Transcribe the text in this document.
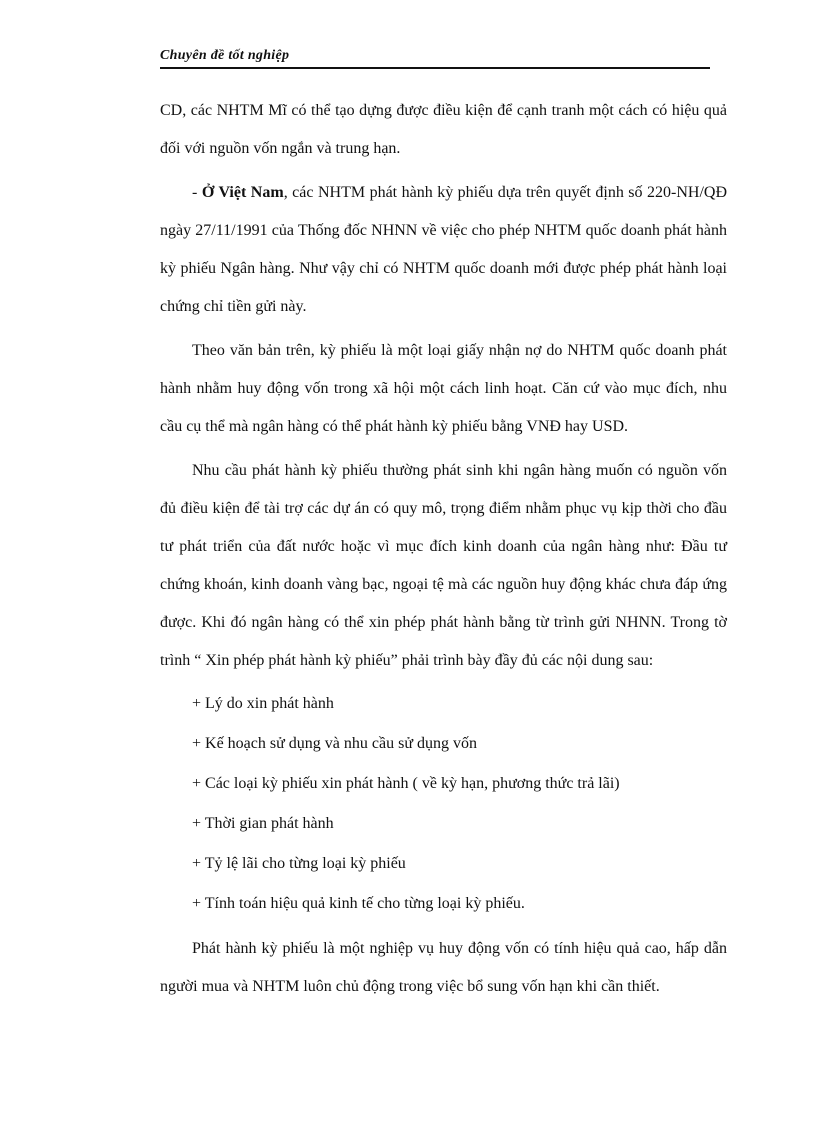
Chuyên đề tốt nghiệp

CD, các NHTM Mĩ có thể tạo dựng được điều kiện để cạnh tranh một cách có hiệu quả đối với nguồn vốn ngắn và trung hạn.

- Ở Việt Nam, các NHTM phát hành kỳ phiếu dựa trên quyết định số 220-NH/QĐ ngày 27/11/1991 của Thống đốc NHNN về việc cho phép NHTM quốc doanh phát hành kỳ phiếu Ngân hàng. Như vậy chỉ có NHTM quốc doanh mới được phép phát hành loại chứng chỉ tiền gửi này.

Theo văn bản trên, kỳ phiếu là một loại giấy nhận nợ do NHTM quốc doanh phát hành nhằm huy động vốn trong xã hội một cách linh hoạt. Căn cứ vào mục đích, nhu cầu cụ thể mà ngân hàng có thể phát hành kỳ phiếu bằng VNĐ hay USD.

Nhu cầu phát hành kỳ phiếu thường phát sinh khi ngân hàng muốn có nguồn vốn đủ điều kiện để tài trợ các dự án có quy mô, trọng điểm nhằm phục vụ kịp thời cho đầu tư phát triển của đất nước hoặc vì mục đích kinh doanh của ngân hàng như: Đầu tư chứng khoán, kinh doanh vàng bạc, ngoại tệ mà các nguồn huy động khác chưa đáp ứng được. Khi đó ngân hàng có thể xin phép phát hành bằng từ trình gửi NHNN. Trong tờ trình “ Xin phép phát hành kỳ phiếu” phải trình bày đầy đủ các nội dung sau:

+ Lý do xin phát hành

+ Kế hoạch sử dụng và nhu cầu sử dụng vốn

+ Các loại kỳ phiếu xin phát hành ( về kỳ hạn, phương thức trả lãi)

+ Thời gian phát hành

+ Tỷ lệ lãi cho từng loại kỳ phiếu

+ Tính toán hiệu quả kinh tế cho từng loại kỳ phiếu.

Phát hành kỳ phiếu là một nghiệp vụ huy động vốn có tính hiệu quả cao, hấp dẫn người mua và NHTM luôn chủ động trong việc bổ sung vốn hạn khi cần thiết.
